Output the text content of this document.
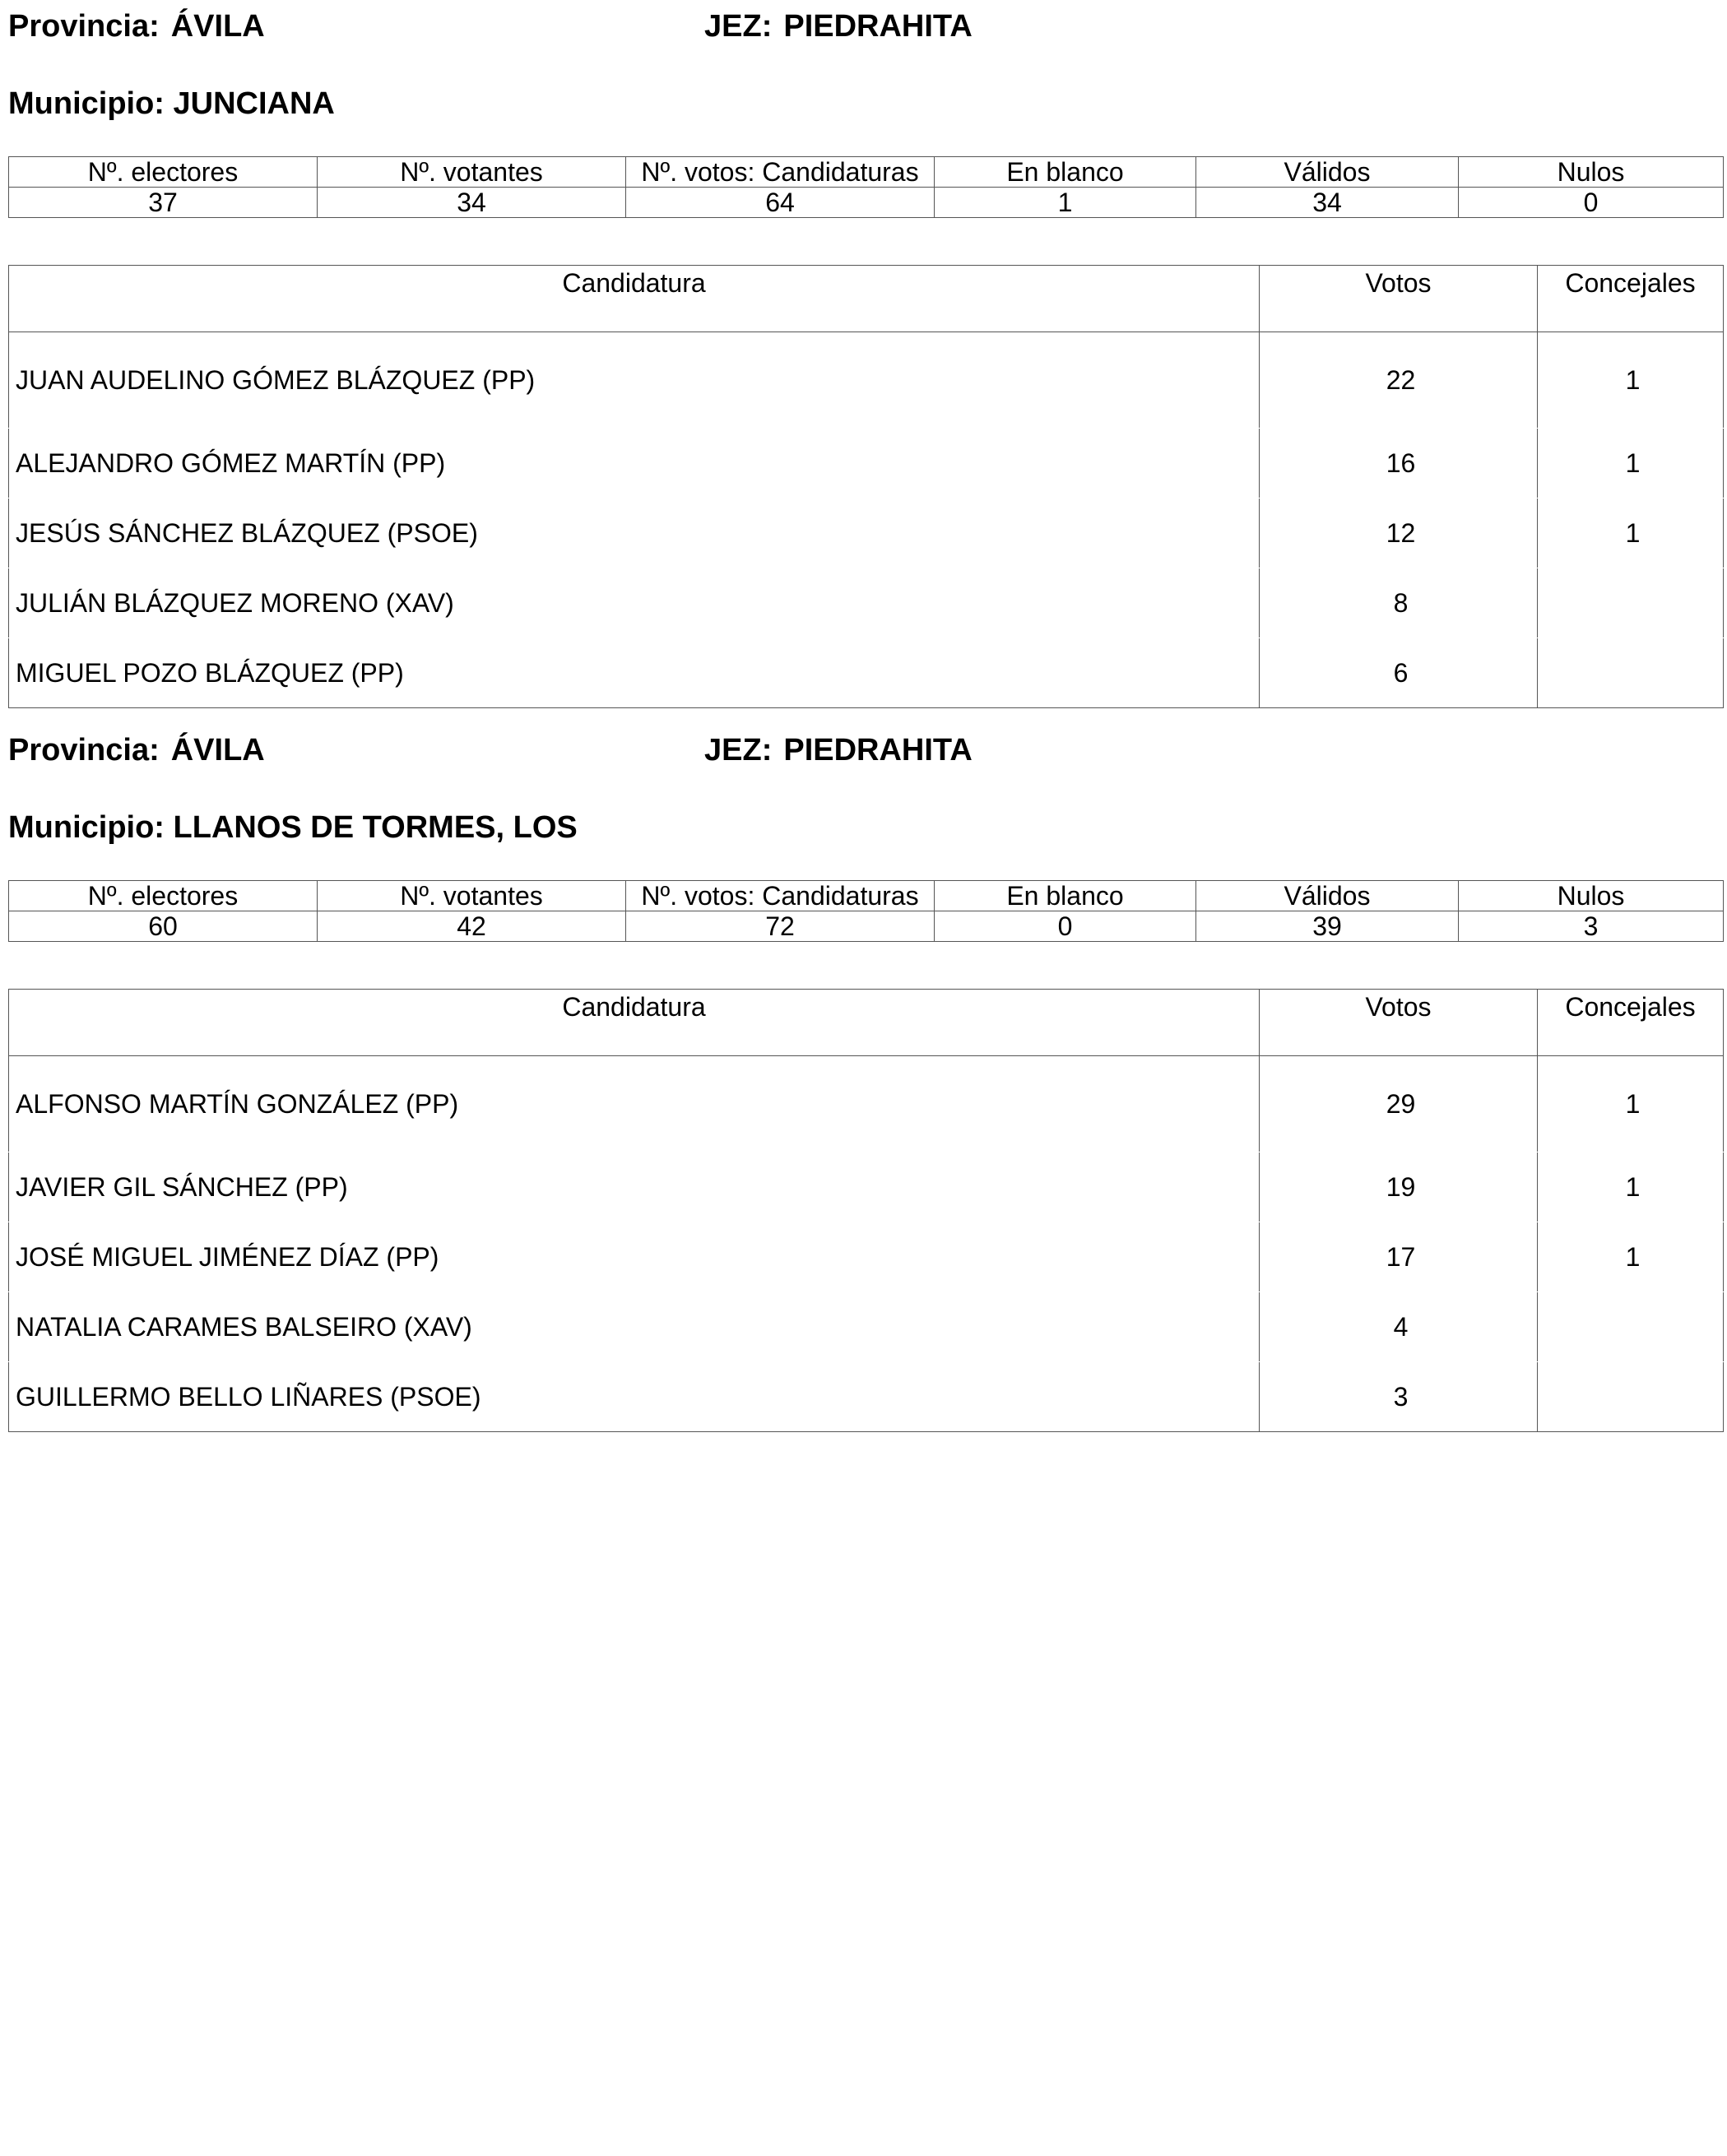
Provincia: ÁVILA	JEZ: PIEDRAHITA
Municipio: JUNCIANA
Nº. electores	Nº. votantes	Nº. votos: Candidaturas	En blanco	Válidos	Nulos
37	34	64	1	34	0
Candidatura	Votos	Concejales
JUAN AUDELINO GÓMEZ BLÁZQUEZ (PP)	22	1
ALEJANDRO GÓMEZ MARTÍN (PP)	16	1
JESÚS SÁNCHEZ BLÁZQUEZ (PSOE)	12	1
JULIÁN BLÁZQUEZ MORENO (XAV)	8	
MIGUEL POZO BLÁZQUEZ (PP)	6	
Provincia: ÁVILA	JEZ: PIEDRAHITA
Municipio: LLANOS DE TORMES, LOS
Nº. electores	Nº. votantes	Nº. votos: Candidaturas	En blanco	Válidos	Nulos
60	42	72	0	39	3
Candidatura	Votos	Concejales
ALFONSO MARTÍN GONZÁLEZ (PP)	29	1
JAVIER GIL SÁNCHEZ (PP)	19	1
JOSÉ MIGUEL JIMÉNEZ DÍAZ (PP)	17	1
NATALIA CARAMES BALSEIRO (XAV)	4	
GUILLERMO BELLO LIÑARES (PSOE)	3	
